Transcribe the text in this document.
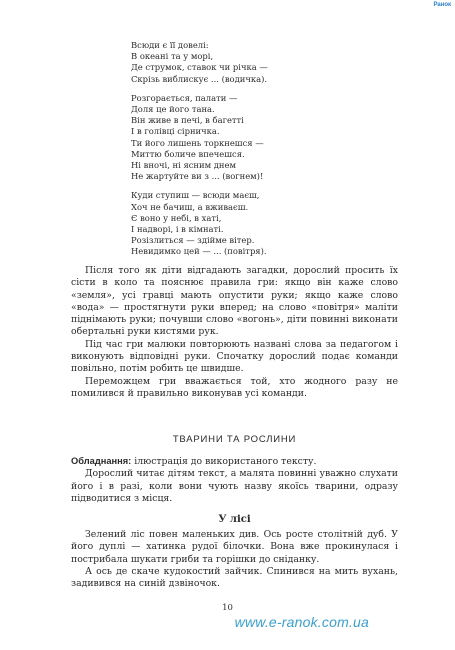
Ранок
Всюди є її довелі:
В океані та у морі,
Де струмок, ставок чи річка —
Скрізь виблискує ... (водичка).
Розгорається, палати —
Доля це його тана.
Він живе в печі, в багетті
І в голівці сірничка.
Ти його лишень торкнешся —
Миттю боличе впечешся.
Ні вночі, ні ясним днем
Не жартуйте ви з ... (вогнем)!
Куди ступиш — всюди маєш,
Хоч не бачиш, а вживаєш.
Є воно у небі, в хаті,
І надворі, і в кімнаті.
Розізлиться — здійме вітер.
Невидимко цей — ... (повітря).

Після того як діти відгадають загадки, дорослий просить їх сісти в коло та пояснює правила гри: якщо він каже слово «земля», усі гравці мають опустити руки; якщо каже слово «вода» — простягнути руки вперед; на слово «повітря» маліти піднімають руки; почувши слово «вогонь», діти повинні виконати обертальні руки кистями рук.

Під час гри малюки повторюють названі слова за педагогом і виконують відповідні руки. Спочатку дорослий подає команди повільно, потім робить це швидше.

Переможцем гри вважається той, хто жодного разу не помилився й правильно виконував усі команди.

ТВАРИНИ ТА РОСЛИНИ

Обладнання: ілюстрація до використаного тексту.

Дорослий читає дітям текст, а малята повинні уважно слухати його і в разі, коли вони чують назву якоїсь тварини, одразу підводитися з місця.

У лісі

Зелений ліс повен маленьких див. Ось росте столітній дуб. У його дуплі — хатинка рудої білочки. Вона вже прокинулася і пострибала шукати гриби та горішки до сніданку.

А ось де скаче кудокостий зайчик. Спинився на мить вухань, задивився на синій дзвіночок.

10
www.e-ranok.com.ua
